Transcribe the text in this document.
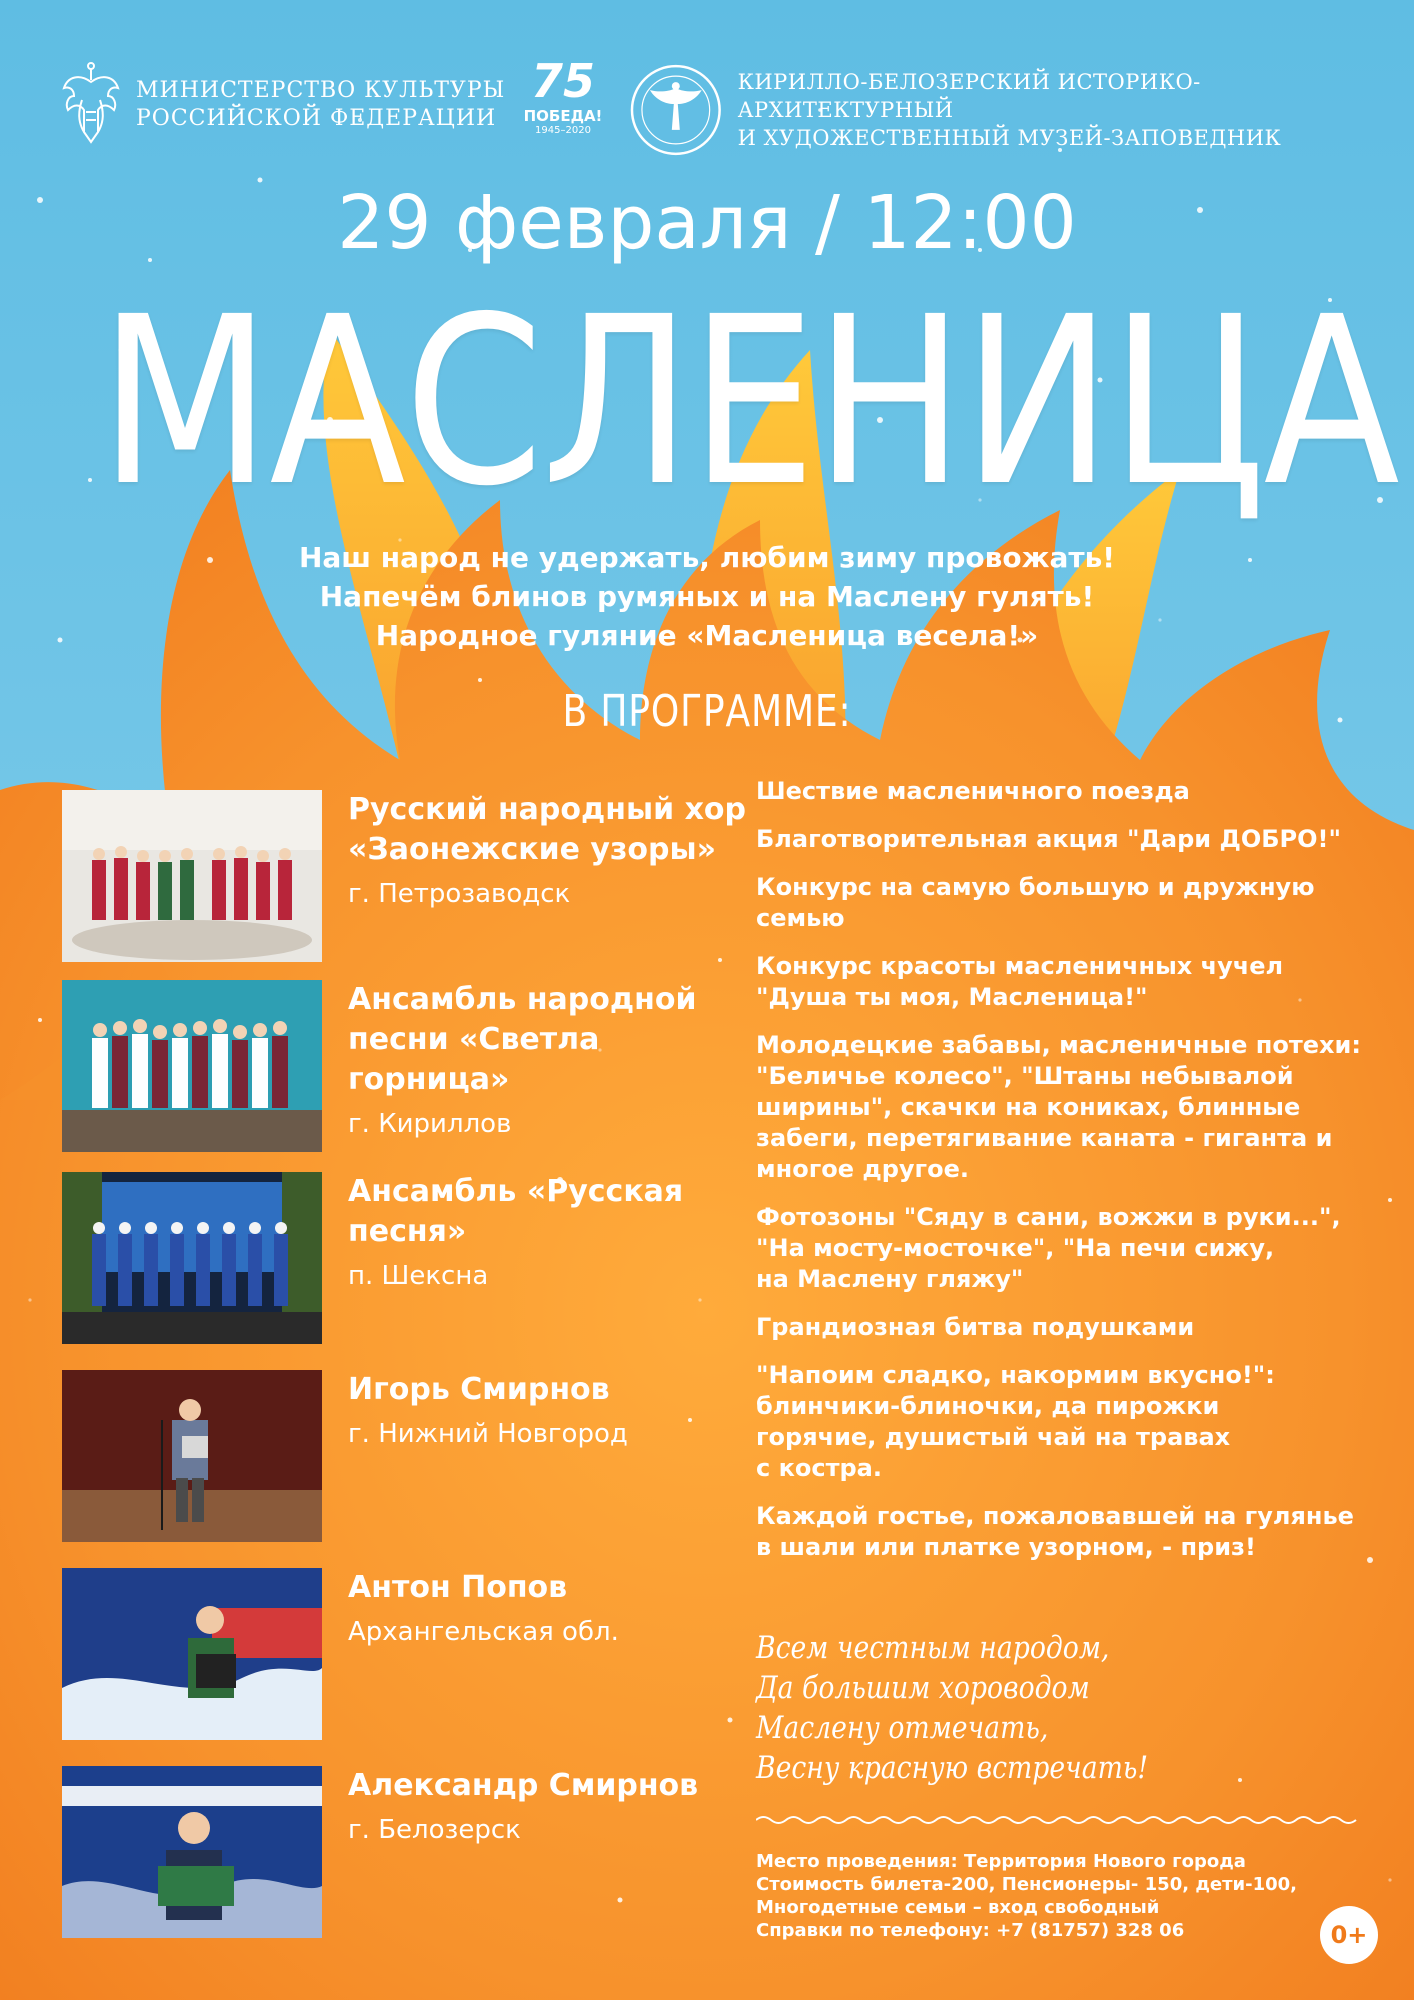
МИНИСТЕРСТВО КУЛЬТУРЫ
РОССИЙСКОЙ ФЕДЕРАЦИИ
75
ПОБЕДА!
1945–2020
КИРИЛЛО-БЕЛОЗЕРСКИЙ ИСТОРИКО-АРХИТЕКТУРНЫЙ
И ХУДОЖЕСТВЕННЫЙ МУЗЕЙ-ЗАПОВЕДНИК
29 февраля / 12:00
МАСЛЕНИЦА
Наш народ не удержать, любим зиму провожать!
Напечём блинов румяных и на Маслену гулять!
Народное гуляние «Масленица весела!»
В ПРОГРАММЕ:
Русский народный хор «Заонежские узоры»
г. Петрозаводск
Ансамбль народной песни «Светла горница»
г. Кириллов
Ансамбль «Русская песня»
п. Шексна
Игорь Смирнов
г. Нижний Новгород
Антон Попов
Архангельская обл.
Александр Смирнов
г. Белозерск
Шествие масленичного поезда
Благотворительная акция "Дари ДОБРО!"
Конкурс на самую большую и дружную семью
Конкурс красоты масленичных чучел
"Душа ты моя, Масленица!"
Молодецкие забавы, масленичные потехи:
"Беличье колесо", "Штаны небывалой ширины", скачки на кониках, блинные забеги, перетягивание каната - гиганта и многое другое.
Фотозоны "Сяду в сани, вожжи в руки...",
"На мосту-мосточке", "На печи сижу,
на Маслену гляжу"
Грандиозная битва подушками
"Напоим сладко, накормим вкусно!":
блинчики-блиночки, да пирожки
горячие, душистый чай на травах
с костра.
Каждой гостье, пожаловавшей на гулянье в шали или платке узорном, - приз!
Всем честным народом,
Да большим хороводом
Маслену отмечать,
Весну красную встречать!
Место проведения: Территория Нового города
Стоимость билета-200, Пенсионеры- 150, дети-100,
Многодетные семьи – вход свободный
Справки по телефону: +7 (81757) 328 06	0+
